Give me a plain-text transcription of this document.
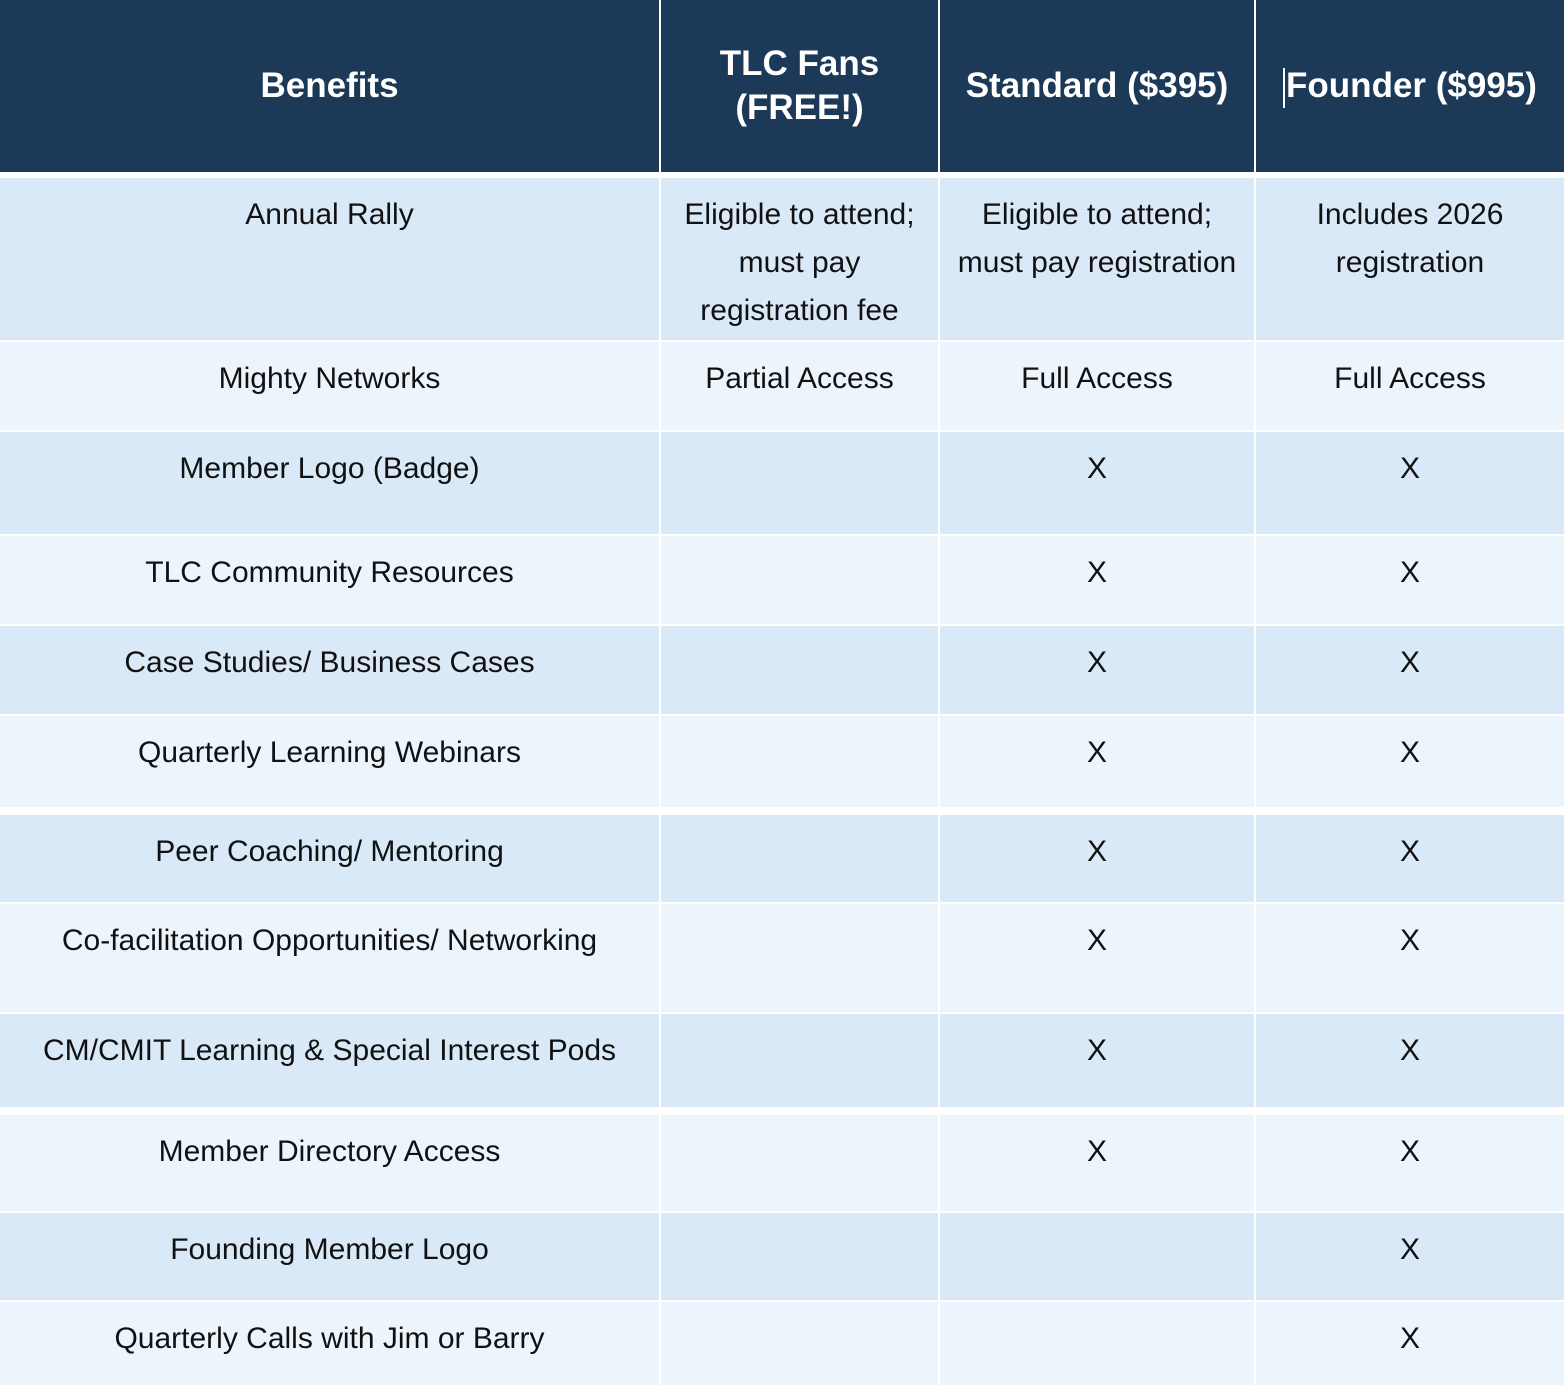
Benefits	TLC Fans (FREE!)	Standard ($395)	Founder ($995)
Annual Rally	Eligible to attend; must pay registration fee	Eligible to attend; must pay registration	Includes 2026 registration
Mighty Networks	Partial Access	Full Access	Full Access
Member Logo (Badge)		X	X
TLC Community Resources		X	X
Case Studies/ Business Cases		X	X
Quarterly Learning Webinars		X	X
Peer Coaching/ Mentoring		X	X
Co-facilitation Opportunities/ Networking		X	X
CM/CMIT Learning & Special Interest Pods		X	X
Member Directory Access		X	X
Founding Member Logo			X
Quarterly Calls with Jim or Barry			X
